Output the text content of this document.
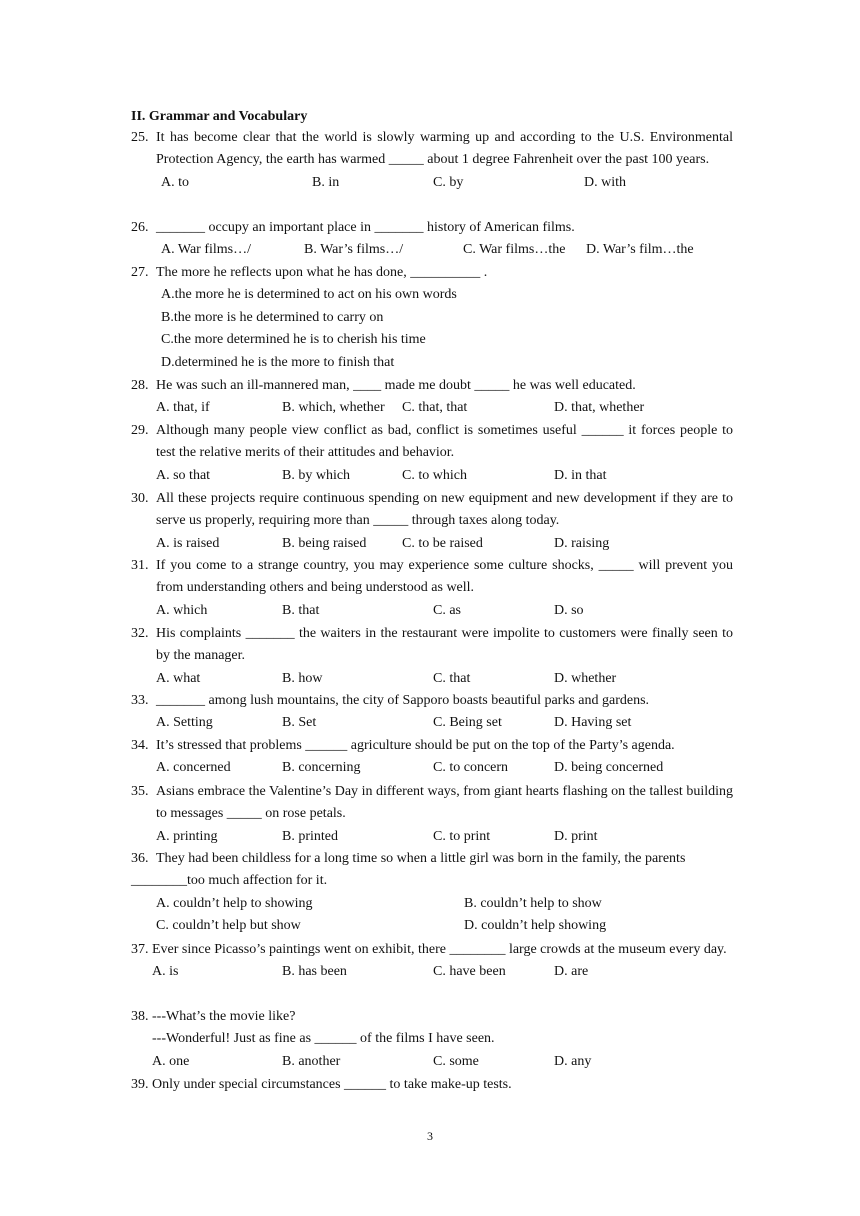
II. Grammar and Vocabulary
25. It has become clear that the world is slowly warming up and according to the U.S. Environmental Protection Agency, the earth has warmed _____ about 1 degree Fahrenheit over the past 100 years.
A. to	B. in	C. by	D. with
26. _______ occupy an important place in _______ history of American films.
A. War films…/	B. War’s films…/	C. War films…the D. War’s film…the
27. The more he reflects upon what he has done, __________ .
A.the more he is determined to act on his own words
B.the more is he determined to carry on
C.the more determined he is to cherish his time
D.determined he is the more to finish that
28. He was such an ill-mannered man, ____ made me doubt _____ he was well educated.
A. that, if	B. which, whether C. that, that	D. that, whether
29. Although many people view conflict as bad, conflict is sometimes useful ______ it forces people to test the relative merits of their attitudes and behavior.
A. so that	B. by which	C. to which	D. in that
30. All these projects require continuous spending on new equipment and new development if they are to serve us properly, requiring more than _____ through taxes along today.
A. is raised	B. being raised	C. to be raised	D. raising
31. If you come to a strange country, you may experience some culture shocks, _____ will prevent you from understanding others and being understood as well.
A. which	B. that	C. as	D. so
32. His complaints _______ the waiters in the restaurant were impolite to customers were finally seen to by the manager.
A. what	B. how	C. that	D. whether
33. _______ among lush mountains, the city of Sapporo boasts beautiful parks and gardens.
A. Setting	B. Set	C. Being set	D. Having set
34. It’s stressed that problems ______ agriculture should be put on the top of the Party’s agenda.
A. concerned	B. concerning	C. to concern	D. being concerned
35. Asians embrace the Valentine’s Day in different ways, from giant hearts flashing on the tallest building to messages _____ on rose petals.
A. printing	B. printed	C. to print	D. print
36. They had been childless for a long time so when a little girl was born in the family, the parents
________too much affection for it.
A. couldn’t help to showing	B. couldn’t help to show
C. couldn’t help but show	D. couldn’t help showing
37. Ever since Picasso’s paintings went on exhibit, there ________ large crowds at the museum every day.
A. is	B. has been	C. have been	D. are
38. ---What’s the movie like?
---Wonderful! Just as fine as ______ of the films I have seen.
A. one	B. another	C. some	D. any
39. Only under special circumstances ______ to take make-up tests.
3
